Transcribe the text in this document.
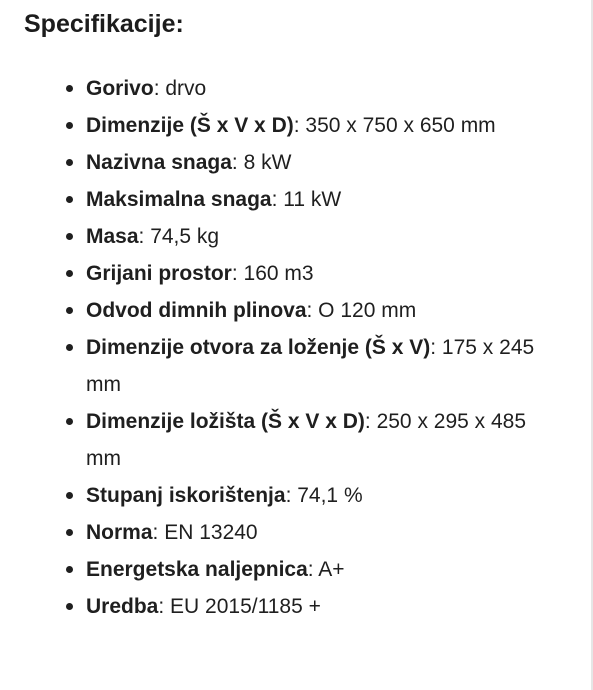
Specifikacije:
Gorivo: drvo
Dimenzije (Š x V x D): 350 x 750 x 650 mm
Nazivna snaga: 8 kW
Maksimalna snaga: 11 kW
Masa: 74,5 kg
Grijani prostor: 160 m3
Odvod dimnih plinova: O 120 mm
Dimenzije otvora za loženje (Š x V): 175 x 245 mm
Dimenzije ložišta (Š x V x D): 250 x 295 x 485 mm
Stupanj iskorištenja: 74,1 %
Norma: EN 13240
Energetska naljepnica: A+
Uredba: EU 2015/1185 +
